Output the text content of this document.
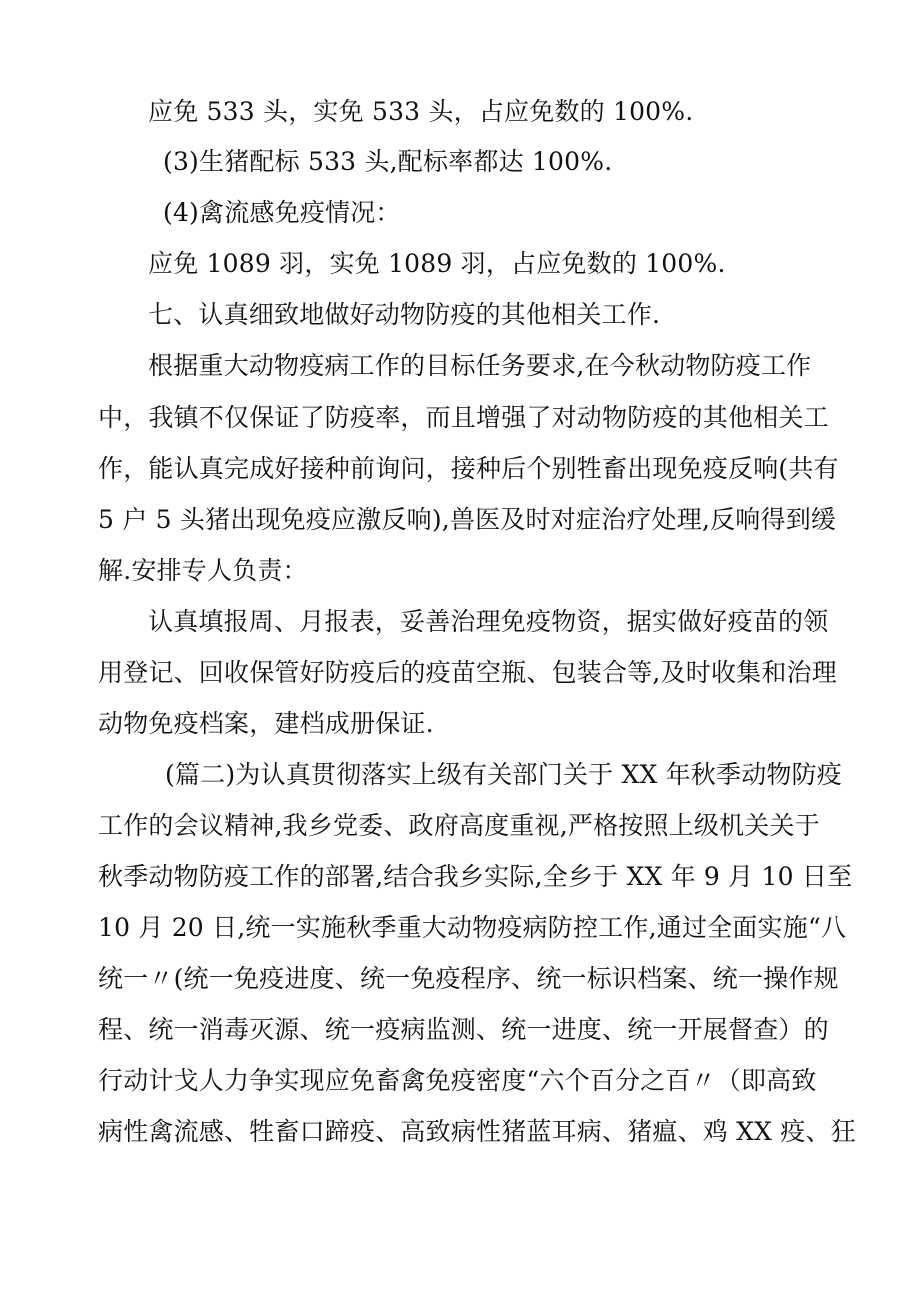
应免 533 头，实免 533 头，占应免数的 100%.
(3)生猪配标 533 头,配标率都达 100%.
(4)禽流感免疫情况：
应免 1089 羽，实免 1089 羽，占应免数的 100%.
七、认真细致地做好动物防疫的其他相关工作.
根据重大动物疫病工作的目标任务要求,在今秋动物防疫工作
中，我镇不仅保证了防疫率，而且增强了对动物防疫的其他相关工
作，能认真完成好接种前询问，接种后个别牲畜出现免疫反响(共有
5 户 5 头猪出现免疫应激反响),兽医及时对症治疗处理,反响得到缓
解.安排专人负责：
认真填报周、月报表，妥善治理免疫物资，据实做好疫苗的领
用登记、回收保管好防疫后的疫苗空瓶、包装合等,及时收集和治理
动物免疫档案，建档成册保证.
(篇二)为认真贯彻落实上级有关部门关于 XX 年秋季动物防疫
工作的会议精神,我乡党委、政府高度重视,严格按照上级机关关于
秋季动物防疫工作的部署,结合我乡实际,全乡于 XX 年 9 月 10 日至
10 月 20 日,统一实施秋季重大动物疫病防控工作,通过全面实施“八
统一〃(统一免疫进度、统一免疫程序、统一标识档案、统一操作规
程、统一消毒灭源、统一疫病监测、统一进度、统一开展督查）的
行动计戈人力争实现应免畜禽免疫密度“六个百分之百〃（即高致
病性禽流感、牲畜口蹄疫、高致病性猪蓝耳病、猪瘟、鸡 XX 疫、狂
